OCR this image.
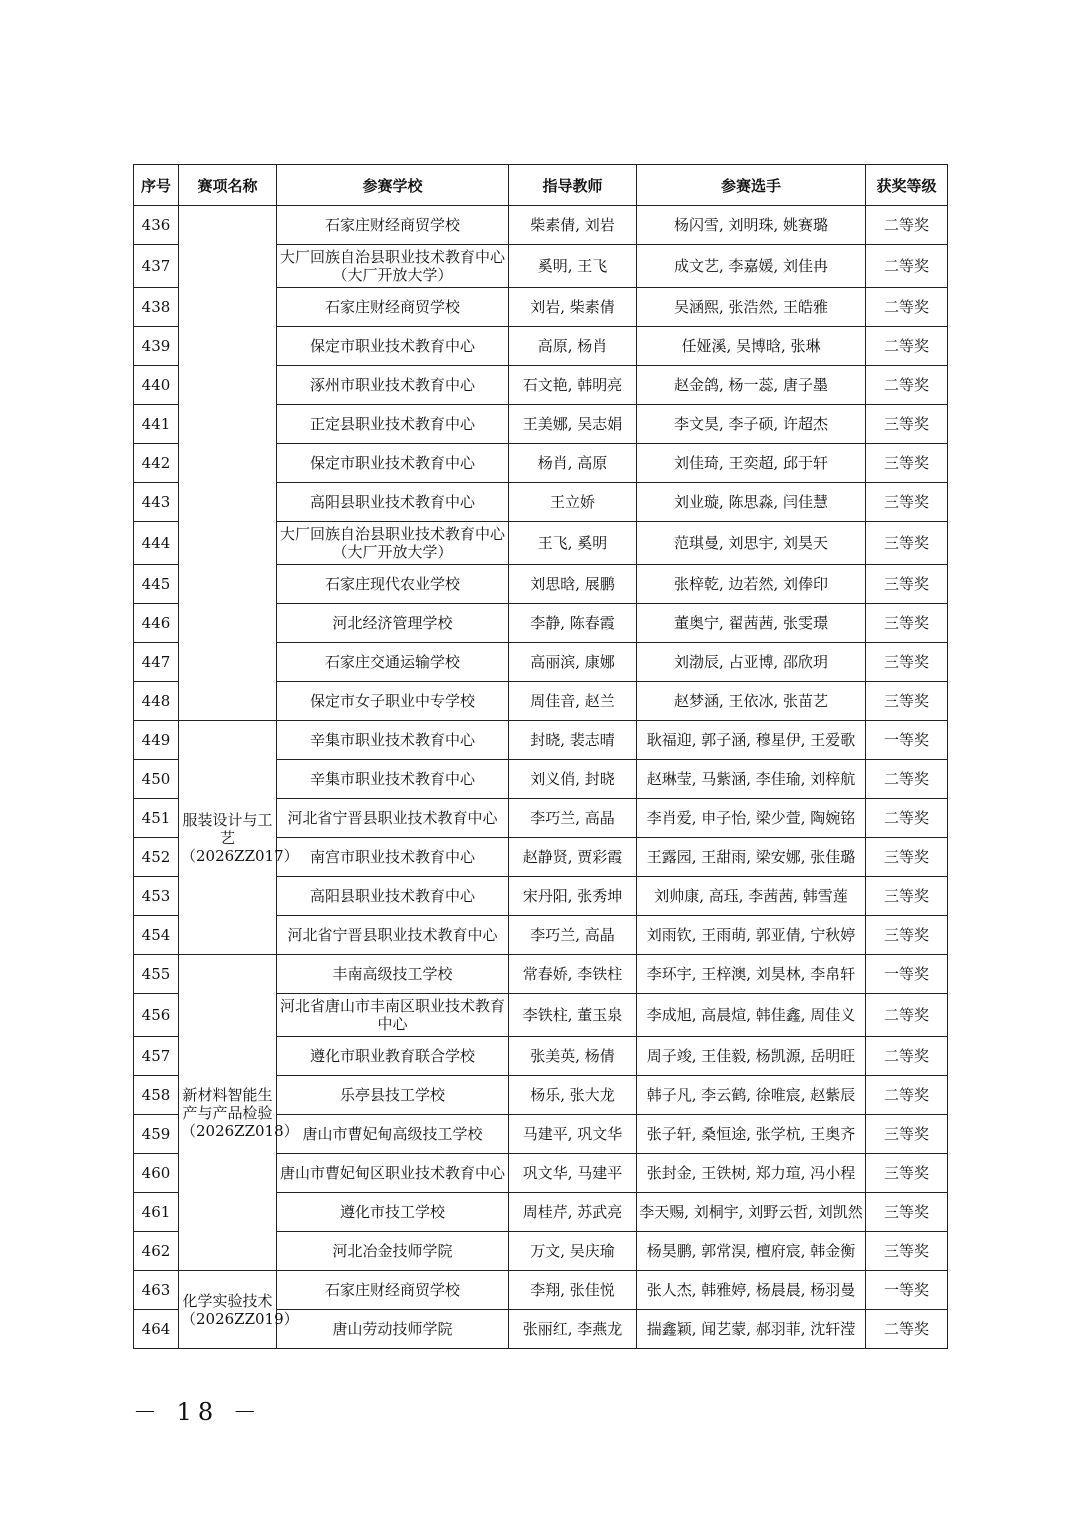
序号	赛项名称	参赛学校	指导教师	参赛选手	获奖等级
436		石家庄财经商贸学校	柴素倩, 刘岩	杨闪雪, 刘明珠, 姚赛璐	二等奖
437		大厂回族自治县职业技术教育中心（大厂开放大学）	奚明, 王飞	成文艺, 李嘉媛, 刘佳冉	二等奖
438		石家庄财经商贸学校	刘岩, 柴素倩	吴涵熙, 张浩然, 王皓雅	二等奖
439		保定市职业技术教育中心	高原, 杨肖	任娅溪, 吴博晗, 张琳	二等奖
440		涿州市职业技术教育中心	石文艳, 韩明亮	赵金鸽, 杨一蕊, 唐子墨	二等奖
441		正定县职业技术教育中心	王美娜, 吴志娟	李文昊, 李子硕, 许超杰	三等奖
442		保定市职业技术教育中心	杨肖, 高原	刘佳琦, 王奕超, 邱于轩	三等奖
443		高阳县职业技术教育中心	王立娇	刘业璇, 陈思淼, 闫佳慧	三等奖
444		大厂回族自治县职业技术教育中心（大厂开放大学）	王飞, 奚明	范琪曼, 刘思宇, 刘昊天	三等奖
445		石家庄现代农业学校	刘思晗, 展鹏	张梓乾, 边若然, 刘俸印	三等奖
446		河北经济管理学校	李静, 陈春霞	董奥宁, 翟茜茜, 张雯璟	三等奖
447		石家庄交通运输学校	高丽滨, 康娜	刘渤辰, 占亚博, 邵欣玥	三等奖
448		保定市女子职业中专学校	周佳音, 赵兰	赵梦涵, 王依冰, 张苗艺	三等奖
449	服装设计与工艺（2026ZZ017）	辛集市职业技术教育中心	封晓, 裴志晴	耿福迎, 郭子涵, 穆星伊, 王爱歌	一等奖
450		辛集市职业技术教育中心	刘义俏, 封晓	赵琳莹, 马紫涵, 李佳瑜, 刘梓航	二等奖
451		河北省宁晋县职业技术教育中心	李巧兰, 高晶	李肖爱, 申子怡, 梁少萱, 陶婉铭	二等奖
452		南宫市职业技术教育中心	赵静贤, 贾彩霞	王露园, 王甜雨, 梁安娜, 张佳璐	三等奖
453		高阳县职业技术教育中心	宋丹阳, 张秀坤	刘帅康, 高珏, 李茜茜, 韩雪莲	三等奖
454		河北省宁晋县职业技术教育中心	李巧兰, 高晶	刘雨钦, 王雨萌, 郭亚倩, 宁秋婷	三等奖
455	新材料智能生产与产品检验（2026ZZ018）	丰南高级技工学校	常春娇, 李铁柱	李环宇, 王梓澳, 刘昊林, 李帛轩	一等奖
456		河北省唐山市丰南区职业技术教育中心	李铁柱, 董玉泉	李成旭, 高晨煊, 韩佳鑫, 周佳义	二等奖
457		遵化市职业教育联合学校	张美英, 杨倩	周子竣, 王佳毅, 杨凯源, 岳明旺	二等奖
458		乐亭县技工学校	杨乐, 张大龙	韩子凡, 李云鹤, 徐唯宸, 赵紫辰	二等奖
459		唐山市曹妃甸高级技工学校	马建平, 巩文华	张子轩, 桑恒途, 张学杭, 王奥齐	三等奖
460		唐山市曹妃甸区职业技术教育中心	巩文华, 马建平	张封金, 王铁树, 郑力瑄, 冯小程	三等奖
461		遵化市技工学校	周桂芹, 苏武亮	李天赐, 刘桐宇, 刘野云哲, 刘凯然	三等奖
462		河北冶金技师学院	万文, 吴庆瑜	杨昊鹏, 郭常淏, 檀府宸, 韩金衡	三等奖
463	化学实验技术（2026ZZ019）	石家庄财经商贸学校	李翔, 张佳悦	张人杰, 韩雅婷, 杨晨晨, 杨羽曼	一等奖
464		唐山劳动技师学院	张丽红, 李燕龙	揣鑫颖, 闻艺蒙, 郝羽菲, 沈轩滢	二等奖
－ 18 －
